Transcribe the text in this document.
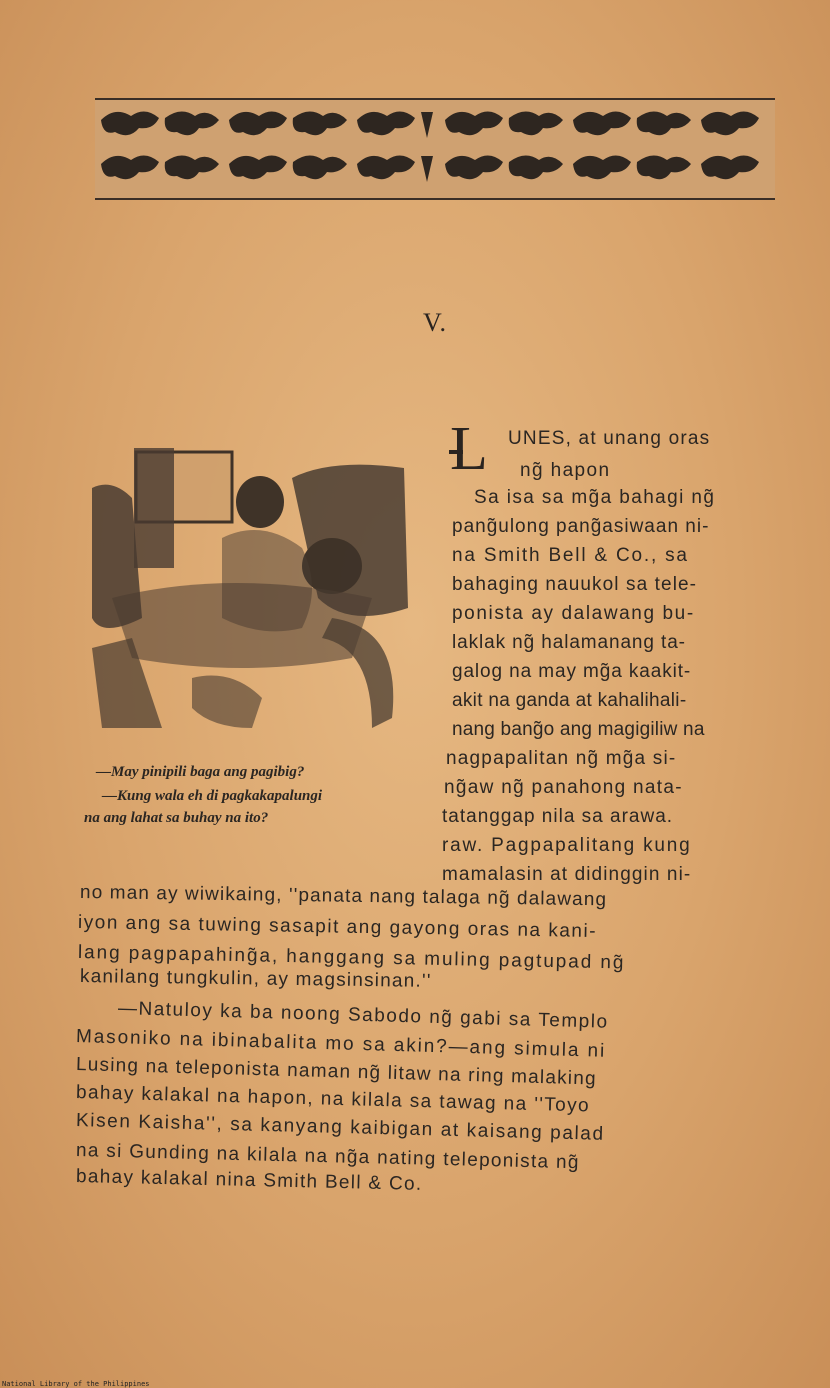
V.
L
—May pinipili baga ang pagibig?
—Kung wala eh di pagkakapalungi
na ang lahat sa buhay na ito?
UNES, at unang oras
ng̃ hapon
Sa isa sa mg̃a bahagi ng̃
pang̃ulong pang̃asiwaan ni-
na Smith Bell & Co., sa
bahaging nauukol sa tele-
ponista ay dalawang bu-
laklak ng̃ halamanang ta-
galog na may mg̃a kaakit-
akit na ganda at kahalihali-
nang bang̃o ang magigiliw na
nagpapalitan ng̃ mg̃a si-
ng̃aw ng̃ panahong nata-
tatanggap nila sa arawa.
raw. Pagpapalitang kung
mamalasin at didinggin ni-
no man ay wiwikaing, ''panata nang talaga ng̃ dalawang
iyon ang sa tuwing sasapit ang gayong oras na kani-
lang pagpapahing̃a, hanggang sa muling pagtupad ng̃
kanilang tungkulin, ay magsinsinan.''
—Natuloy ka ba noong Sabodo ng̃ gabi sa Templo
Masoniko na ibinabalita mo sa akin?—ang simula ni
Lusing na teleponista naman ng̃ litaw na ring malaking
bahay kalakal na hapon, na kilala sa tawag na ''Toyo
Kisen Kaisha'', sa kanyang kaibigan at kaisang palad
na si Gunding na kilala na ng̃a nating teleponista ng̃
bahay kalakal nina Smith Bell & Co.
National Library of the Philippines
